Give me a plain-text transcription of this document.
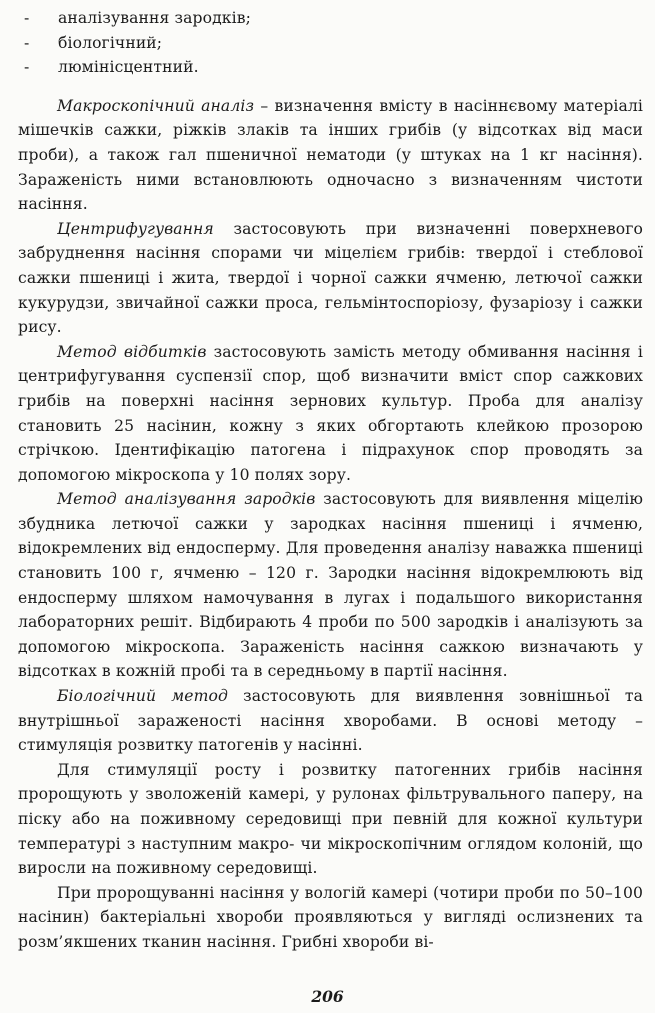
- аналізування зародків;
- біологічний;
- люмінісцентний.

Макроскопічний аналіз – визначення вмісту в насіннєвому матеріалі мішечків сажки, ріжків злаків та інших грибів (у відсотках від маси проби), а також гал пшеничної нематоди (у штуках на 1 кг насіння). Зараженість ними встановлюють одночасно з визначенням чистоти насіння.

Центрифугування застосовують при визначенні поверхневого забруднення насіння спорами чи міцелієм грибів: твердої і стеблової сажки пшениці і жита, твердої і чорної сажки ячменю, летючої сажки кукурудзи, звичайної сажки проса, гельмінтоспоріозу, фузаріозу і сажки рису.

Метод відбитків застосовують замість методу обмивання насіння і центрифугування суспензії спор, щоб визначити вміст спор сажкових грибів на поверхні насіння зернових культур. Проба для аналізу становить 25 насінин, кожну з яких обгортають клейкою прозорою стрічкою. Ідентифікацію патогена і підрахунок спор проводять за допомогою мікроскопа у 10 полях зору.

Метод аналізування зародків застосовують для виявлення міцелію збудника летючої сажки у зародках насіння пшениці і ячменю, відокремлених від ендосперму. Для проведення аналізу наважка пшениці становить 100 г, ячменю – 120 г. Зародки насіння відокремлюють від ендосперму шляхом намочування в лугах і подальшого використання лабораторних решіт. Відбирають 4 проби по 500 зародків і аналізують за допомогою мікроскопа. Зараженість насіння сажкою визначають у відсотках в кожній пробі та в середньому в партії насіння.

Біологічний метод застосовують для виявлення зовнішньої та внутрішньої зараженості насіння хворобами. В основі методу – стимуляція розвитку патогенів у насінні.

Для стимуляції росту і розвитку патогенних грибів насіння пророщують у зволоженій камері, у рулонах фільтрувального паперу, на піску або на поживному середовищі при певній для кожної культури температурі з наступним макро- чи мікроскопічним оглядом колоній, що виросли на поживному середовищі.

При пророщуванні насіння у вологій камері (чотири проби по 50–100 насінин) бактеріальні хвороби проявляються у вигляді ослизнених та розм’якшених тканин насіння. Грибні хвороби ві-

206
